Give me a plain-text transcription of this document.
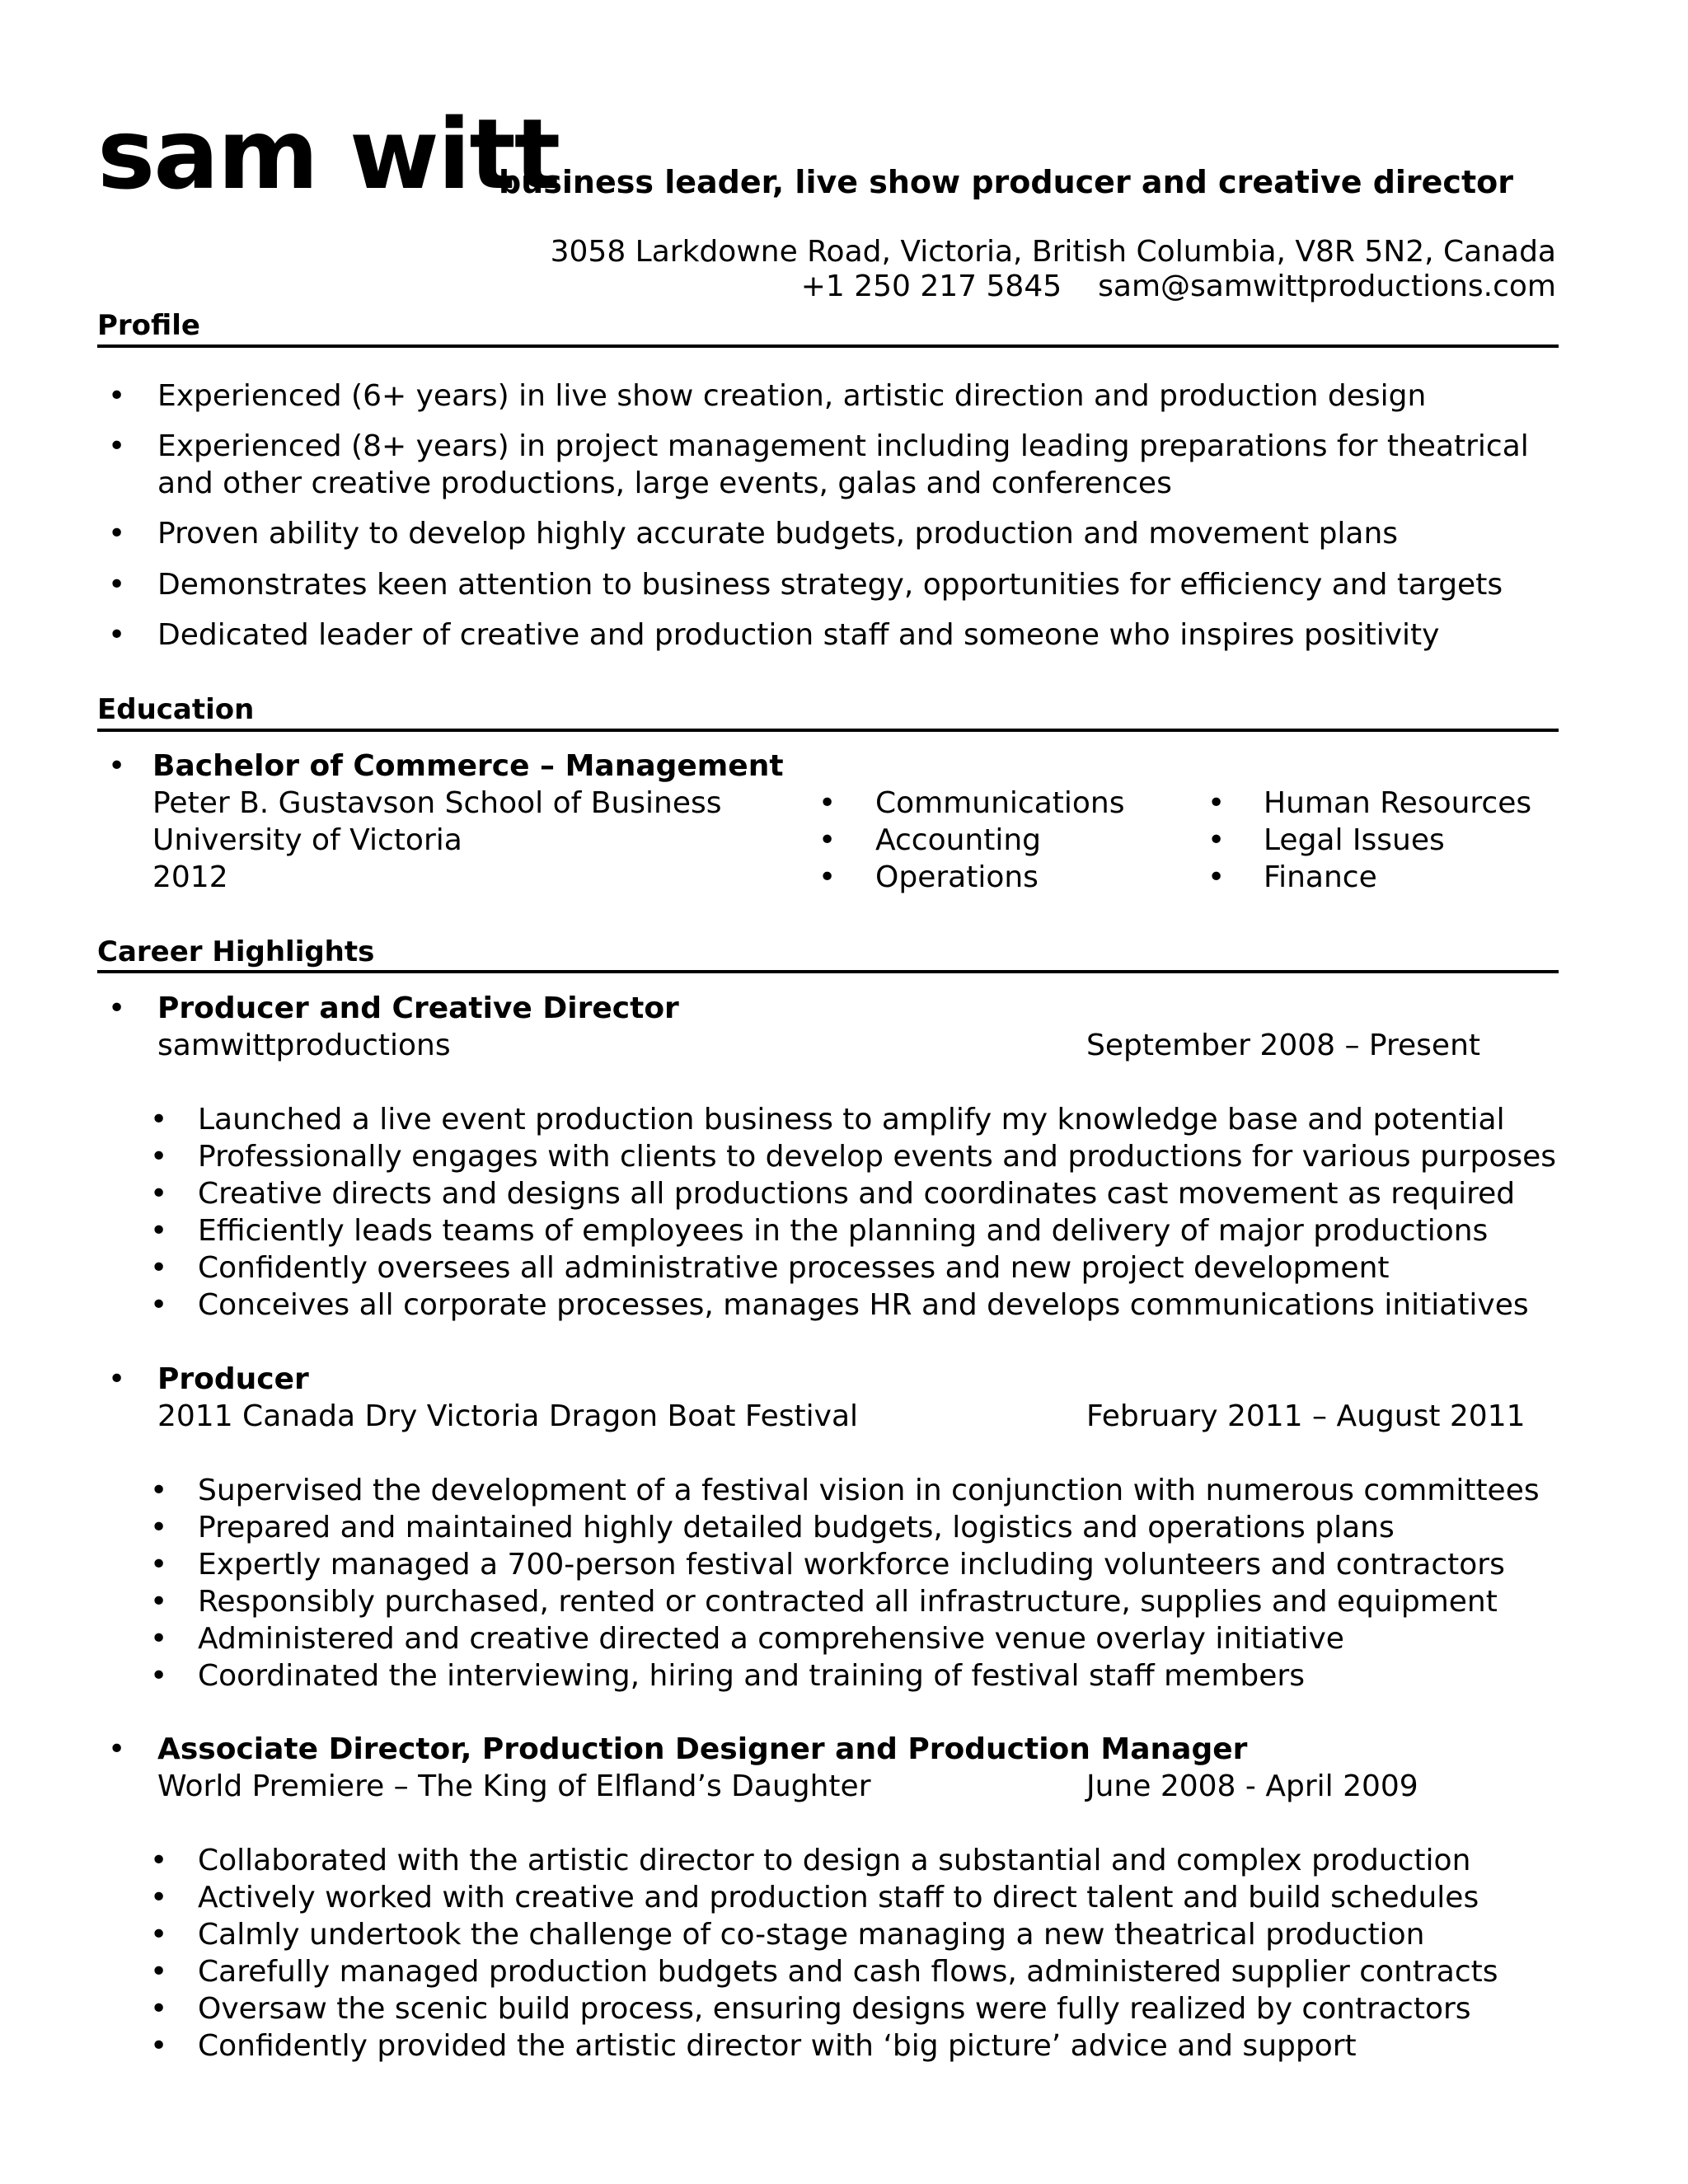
sam witt
business leader, live show producer and creative director
3058 Larkdowne Road, Victoria, British Columbia, V8R 5N2, Canada
+1 250 217 5845 sam@samwittproductions.com
Profile
• Experienced (6+ years) in live show creation, artistic direction and production design
• Experienced (8+ years) in project management including leading preparations for theatrical
and other creative productions, large events, galas and conferences
• Proven ability to develop highly accurate budgets, production and movement plans
• Demonstrates keen attention to business strategy, opportunities for efficiency and targets
• Dedicated leader of creative and production staff and someone who inspires positivity
Education
• Bachelor of Commerce – Management
Peter B. Gustavson School of Business
University of Victoria
2012
• Communications
• Accounting
• Operations
• Human Resources
• Legal Issues
• Finance
Career Highlights
• Producer and Creative Director
samwittproductions	September 2008 – Present
• Launched a live event production business to amplify my knowledge base and potential
• Professionally engages with clients to develop events and productions for various purposes
• Creative directs and designs all productions and coordinates cast movement as required
• Efficiently leads teams of employees in the planning and delivery of major productions
• Confidently oversees all administrative processes and new project development
• Conceives all corporate processes, manages HR and develops communications initiatives
• Producer
2011 Canada Dry Victoria Dragon Boat Festival	February 2011 – August 2011
• Supervised the development of a festival vision in conjunction with numerous committees
• Prepared and maintained highly detailed budgets, logistics and operations plans
• Expertly managed a 700-person festival workforce including volunteers and contractors
• Responsibly purchased, rented or contracted all infrastructure, supplies and equipment
• Administered and creative directed a comprehensive venue overlay initiative
• Coordinated the interviewing, hiring and training of festival staff members
• Associate Director, Production Designer and Production Manager
World Premiere – The King of Elfland’s Daughter	June 2008 - April 2009
• Collaborated with the artistic director to design a substantial and complex production
• Actively worked with creative and production staff to direct talent and build schedules
• Calmly undertook the challenge of co-stage managing a new theatrical production
• Carefully managed production budgets and cash flows, administered supplier contracts
• Oversaw the scenic build process, ensuring designs were fully realized by contractors
• Confidently provided the artistic director with ‘big picture’ advice and support
